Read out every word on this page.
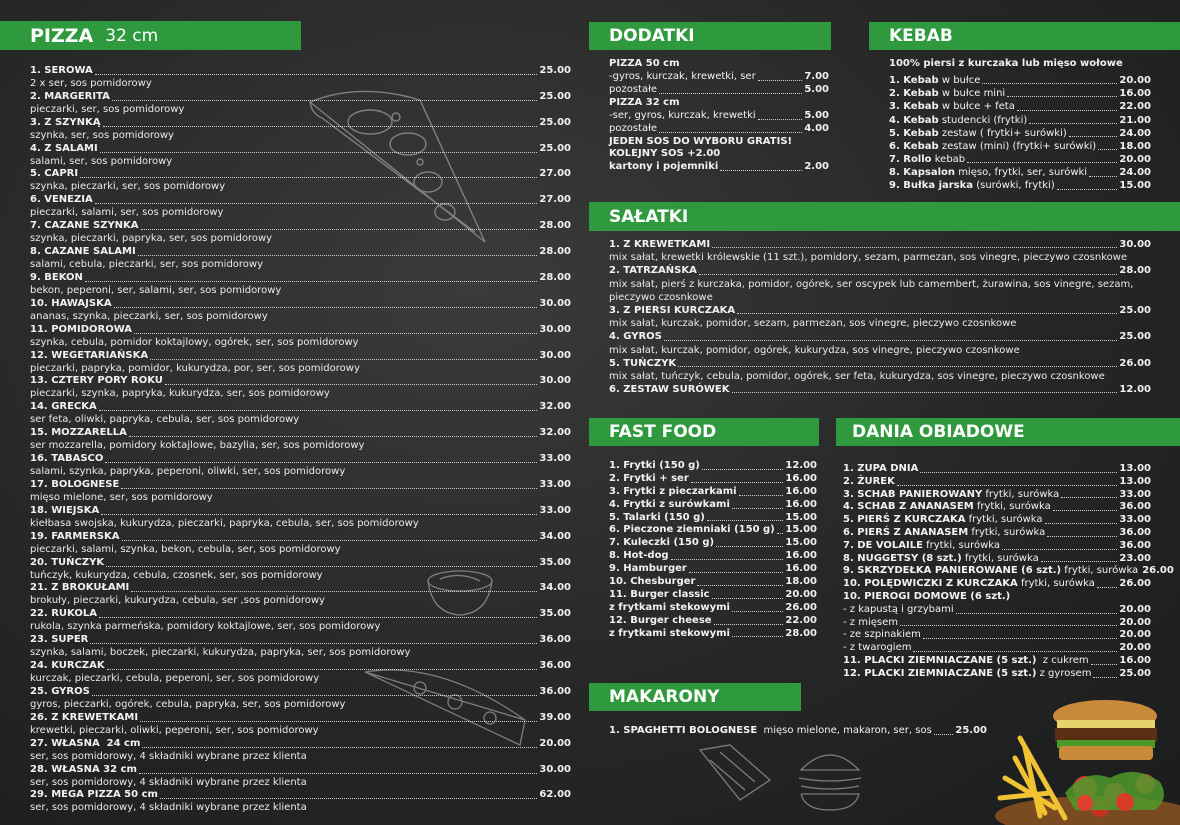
PIZZA 32 cm
1. SEROWA	25.00
2 x ser, sos pomidorowy
2. MARGERITA	25.00
pieczarki, ser, sos pomidorowy
3. Z SZYNKĄ	25.00
szynka, ser, sos pomidorowy
4. Z SALAMI	25.00
salami, ser, sos pomidorowy
5. CAPRI	27.00
szynka, pieczarki, ser, sos pomidorowy
6. VENEZIA	27.00
pieczarki, salami, ser, sos pomidorowy
7. CAZANE SZYNKA	28.00
szynka, pieczarki, papryka, ser, sos pomidorowy
8. CAZANE SALAMI	28.00
salami, cebula, pieczarki, ser, sos pomidorowy
9. BEKON	28.00
bekon, peperoni, ser, salami, ser, sos pomidorowy
10. HAWAJSKA	30.00
ananas, szynka, pieczarki, ser, sos pomidorowy
11. POMIDOROWA	30.00
szynka, cebula, pomidor koktajlowy, ogórek, ser, sos pomidorowy
12. WEGETARIAŃSKA	30.00
pieczarki, papryka, pomidor, kukurydza, por, ser, sos pomidorowy
13. CZTERY PORY ROKU	30.00
pieczarki, szynka, papryka, kukurydza, ser, sos pomidorowy
14. GRECKA	32.00
ser feta, oliwki, papryka, cebula, ser, sos pomidorowy
15. MOZZARELLA	32.00
ser mozzarella, pomidory koktajlowe, bazylia, ser, sos pomidorowy
16. TABASCO	33.00
salami, szynka, papryka, peperoni, oliwki, ser, sos pomidorowy
17. BOLOGNESE	33.00
mięso mielone, ser, sos pomidorowy
18. WIEJSKA	33.00
kiełbasa swojska, kukurydza, pieczarki, papryka, cebula, ser, sos pomidorowy
19. FARMERSKA	34.00
pieczarki, salami, szynka, bekon, cebula, ser, sos pomidorowy
20. TUŃCZYK	35.00
tuńczyk, kukurydza, cebula, czosnek, ser, sos pomidorowy
21. Z BROKUŁAMI	34.00
brokuły, pieczarki, kukurydza, cebula, ser ,sos pomidorowy
22. RUKOLA	35.00
rukola, szynka parmeńska, pomidory koktajlowe, ser, sos pomidorowy
23. SUPER	36.00
szynka, salami, boczek, pieczarki, kukurydza, papryka, ser, sos pomidorowy
24. KURCZAK	36.00
kurczak, pieczarki, cebula, peperoni, ser, sos pomidorowy
25. GYROS	36.00
gyros, pieczarki, ogórek, cebula, papryka, ser, sos pomidorowy
26. Z KREWETKAMI	39.00
krewetki, pieczarki, oliwki, peperoni, ser, sos pomidorowy
27. WŁASNA  24 cm	20.00
ser, sos pomidorowy, 4 składniki wybrane przez klienta
28. WŁASNA 32 cm	30.00
ser, sos pomidorowy, 4 składniki wybrane przez klienta
29. MEGA PIZZA 50 cm	62.00
ser, sos pomidorowy, 4 składniki wybrane przez klienta
DODATKI
PIZZA 50 cm
-gyros, kurczak, krewetki, ser	7.00
pozostałe	5.00
PIZZA 32 cm
-ser, gyros, kurczak, krewetki	5.00
pozostałe	4.00
JEDEN SOS DO WYBORU GRATIS!
KOLEJNY SOS +2.00
kartony i pojemniki	2.00
KEBAB
100% piersi z kurczaka lub mięso wołowe
1. Kebab w bułce	20.00
2. Kebab w bułce mini	16.00
3. Kebab w bułce + feta	22.00
4. Kebab studencki (frytki)	21.00
5. Kebab zestaw ( frytki+ surówki)	24.00
6. Kebab zestaw (mini) (frytki+ surówki) 18.00
7. Rollo kebab	20.00
8. Kapsalon mięso, frytki, ser, surówki	24.00
9. Bułka jarska (surówki, frytki)	15.00
SAŁATKI
1. Z KREWETKAMI	30.00
mix sałat, krewetki królewskie (11 szt.), pomidory, sezam, parmezan, sos vinegre, pieczywo czosnkowe
2. TATRZAŃSKA	28.00
mix sałat, pierś z kurczaka, pomidor, ogórek, ser oscypek lub camembert, żurawina, sos vinegre, sezam,
pieczywo czosnkowe
3. Z PIERSI KURCZAKA	25.00
mix sałat, kurczak, pomidor, sezam, parmezan, sos vinegre, pieczywo czosnkowe
4. GYROS	25.00
mix sałat, kurczak, pomidor, ogórek, kukurydza, sos vinegre, pieczywo czosnkowe
5. TUŃCZYK	26.00
mix sałat, tuńczyk, cebula, pomidor, ogórek, ser feta, kukurydza, sos vinegre, pieczywo czosnkowe
6. ZESTAW SURÓWEK	12.00
FAST FOOD
1. Frytki (150 g)	12.00
2. Frytki + ser	16.00
3. Frytki z pieczarkami	16.00
4. Frytki z surówkami	16.00
5. Talarki (150 g)	15.00
6. Pieczone ziemniaki (150 g) 15.00
7. Kuleczki (150 g)	15.00
8. Hot-dog	16.00
9. Hamburger	16.00
10. Chesburger	18.00
11. Burger classic	20.00
z frytkami stekowymi	26.00
12. Burger cheese	22.00
z frytkami stekowymi	28.00
DANIA OBIADOWE
1. ZUPA DNIA	13.00
2. ŻUREK	13.00
3. SCHAB PANIEROWANY frytki, surówka	33.00
4. SCHAB Z ANANASEM frytki, surówka	36.00
5. PIERŚ Z KURCZAKA frytki, surówka	33.00
6. PIERŚ Z ANANASEM frytki, surówka	36.00
7. DE VOLAILE frytki, surówka	36.00
8. NUGGETSY (8 szt.) frytki, surówka	23.00
9. SKRZYDEŁKA PANIEROWANE (6 szt.) frytki, surówka 26.00
10. POLĘDWICZKI Z KURCZAKA frytki, surówka 26.00
10. PIEROGI DOMOWE (6 szt.)
- z kapustą i grzybami	20.00
- z mięsem	20.00
- ze szpinakiem	20.00
- z twarogiem	20.00
11. PLACKI ZIEMNIACZANE (5 szt.) z cukrem	16.00
12. PLACKI ZIEMNIACZANE (5 szt.) z gyrosem	25.00
MAKARONY
1. SPAGHETTI BOLOGNESE mięso mielone, makaron, ser, sos 25.00
